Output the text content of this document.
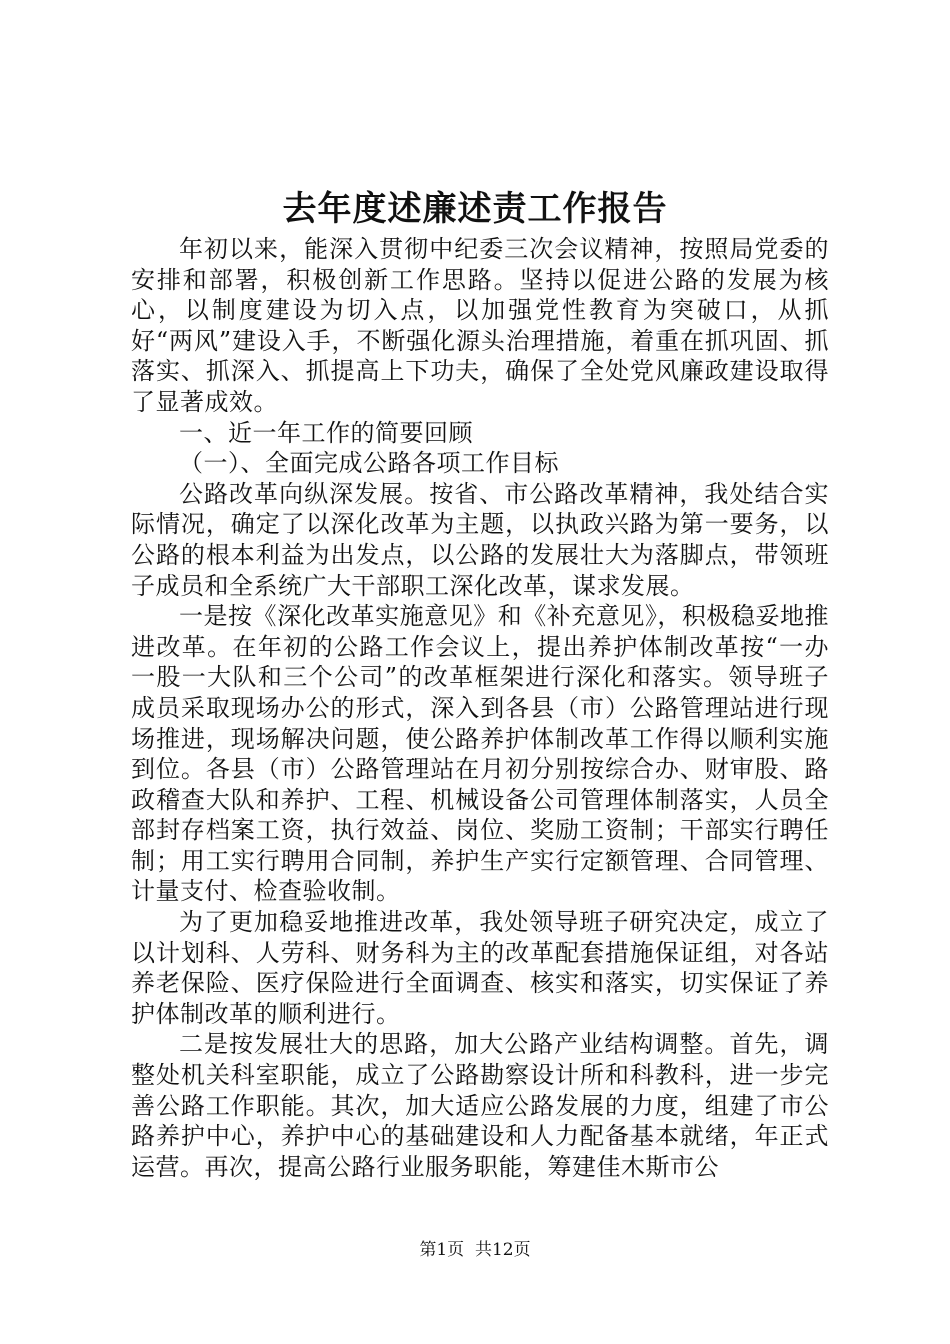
去年度述廉述责工作报告

年初以来，能深入贯彻中纪委三次会议精神，按照局党委的安排和部署，积极创新工作思路。坚持以促进公路的发展为核心，以制度建设为切入点，以加强党性教育为突破口，从抓好“两风”建设入手，不断强化源头治理措施，着重在抓巩固、抓落实、抓深入、抓提高上下功夫，确保了全处党风廉政建设取得了显著成效。

一、近一年工作的简要回顾

（一）、全面完成公路各项工作目标

公路改革向纵深发展。按省、市公路改革精神，我处结合实际情况，确定了以深化改革为主题，以执政兴路为第一要务，以公路的根本利益为出发点，以公路的发展壮大为落脚点，带领班子成员和全系统广大干部职工深化改革，谋求发展。

一是按《深化改革实施意见》和《补充意见》，积极稳妥地推进改革。在年初的公路工作会议上，提出养护体制改革按“一办一股一大队和三个公司”的改革框架进行深化和落实。领导班子成员采取现场办公的形式，深入到各县（市）公路管理站进行现场推进，现场解决问题，使公路养护体制改革工作得以顺利实施到位。各县（市）公路管理站在月初分别按综合办、财审股、路政稽查大队和养护、工程、机械设备公司管理体制落实，人员全部封存档案工资，执行效益、岗位、奖励工资制；干部实行聘任制；用工实行聘用合同制，养护生产实行定额管理、合同管理、计量支付、检查验收制。

为了更加稳妥地推进改革，我处领导班子研究决定，成立了以计划科、人劳科、财务科为主的改革配套措施保证组，对各站养老保险、医疗保险进行全面调查、核实和落实，切实保证了养护体制改革的顺利进行。

二是按发展壮大的思路，加大公路产业结构调整。首先，调整处机关科室职能，成立了公路勘察设计所和科教科，进一步完善公路工作职能。其次，加大适应公路发展的力度，组建了市公路养护中心，养护中心的基础建设和人力配备基本就绪，年正式运营。再次，提高公路行业服务职能，筹建佳木斯市公

第1页  共12页
